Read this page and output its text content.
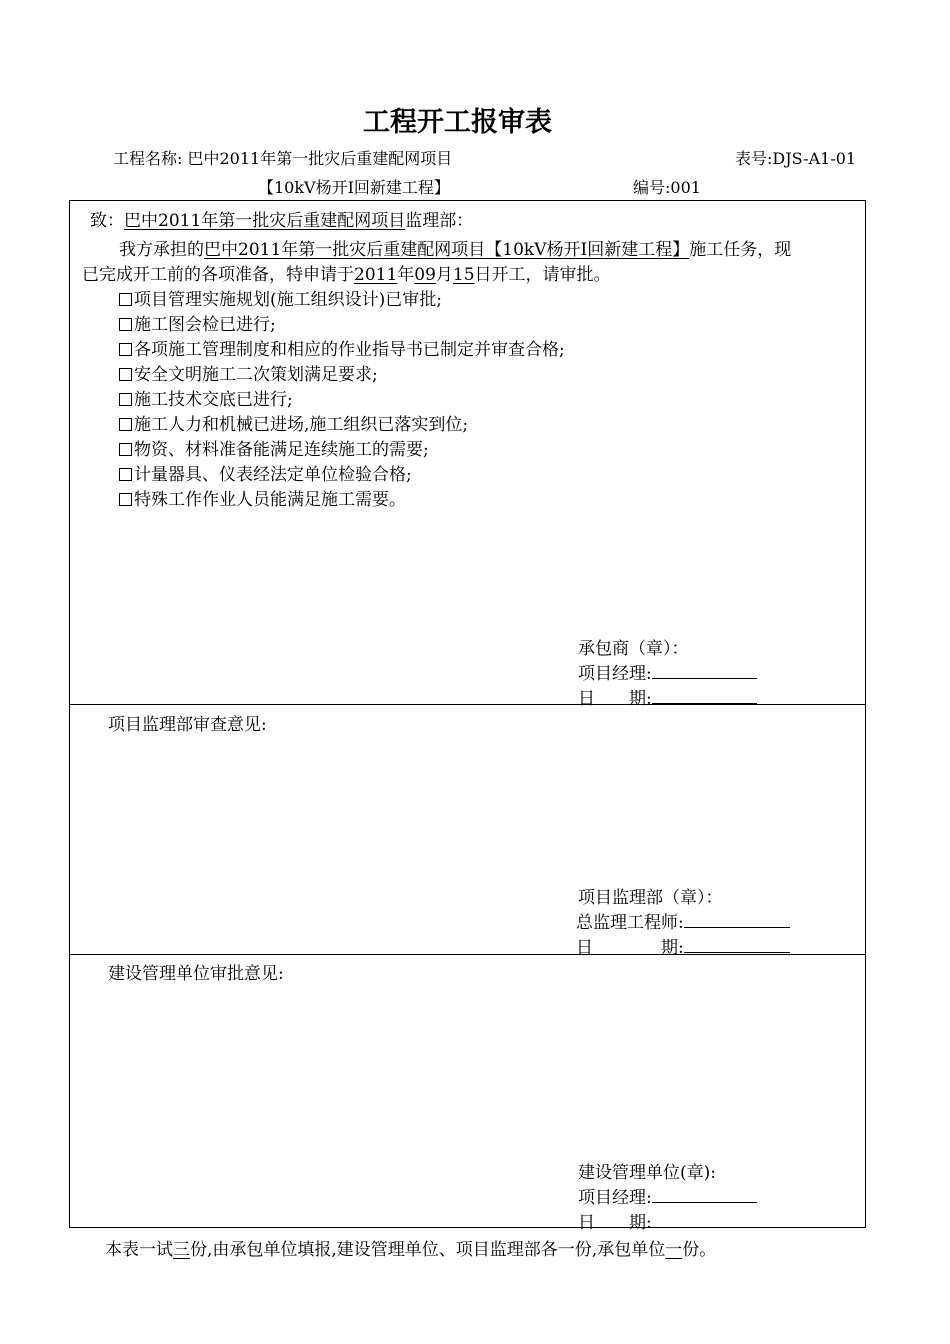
工程开工报审表
工程名称: 巴中2011年第一批灾后重建配网项目	表号:DJS-A1-01
【10kV杨开Ⅰ回新建工程】	编号:001
致：巴中2011年第一批灾后重建配网项目监理部：
我方承担的巴中2011年第一批灾后重建配网项目【10kV杨开Ⅰ回新建工程】施工任务，现
已完成开工前的各项准备，特申请于2011年09月15日开工，请审批。
项目管理实施规划(施工组织设计)已审批;
施工图会检已进行;
各项施工管理制度和相应的作业指导书已制定并审查合格;
安全文明施工二次策划满足要求;
施工技术交底已进行;
施工人力和机械已进场,施工组织已落实到位;
物资、材料准备能满足连续施工的需要;
计量器具、仪表经法定单位检验合格;
特殊工作作业人员能满足施工需要。
承包商（章）：
项目经理:
日　　期:
项目监理部审查意见:
项目监理部（章）：
总监理工程师:
日　　　　期:
建设管理单位审批意见:
建设管理单位(章):
项目经理:
日　　期:
本表一试三份,由承包单位填报,建设管理单位、项目监理部各一份,承包单位一份。
